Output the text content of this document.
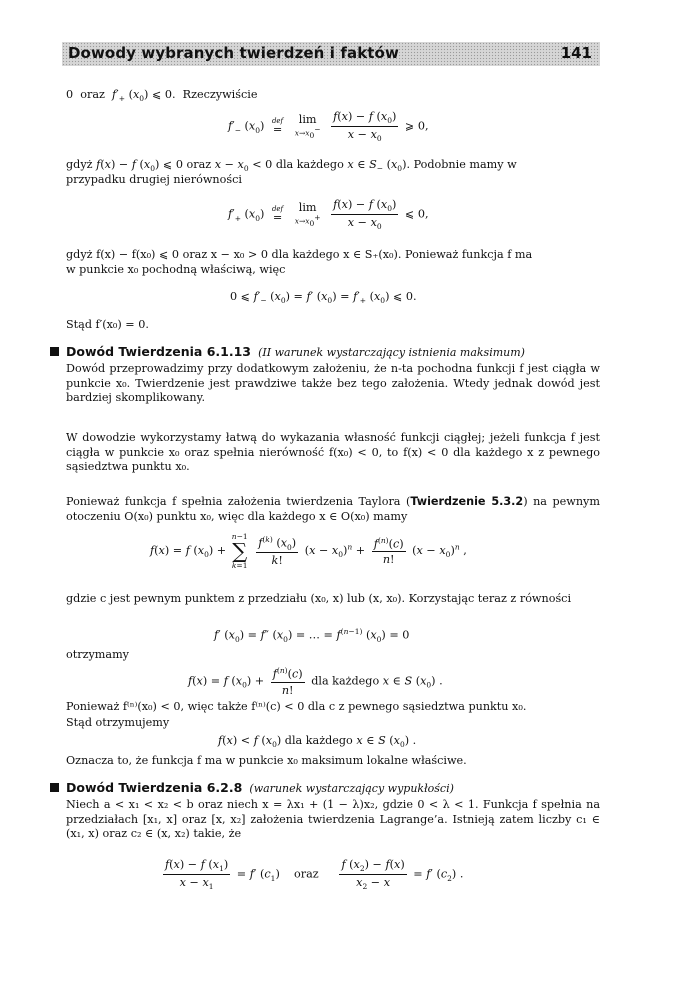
Dowody wybranych twierdzeń i faktów	141
0  oraz $f'_+$ $(x_0)$ ⩽ 0.  Rzeczywiście
$f'_-$ $(x_0)$ def
=

lim
$x\to x_0^-$
$\frac{f(x) - f (x_0)}{x - x_0}$ ⩾ 0,
gdyż f(x) − f $(x_0)$ ⩽ 0 oraz $x - x_0 < 0$ dla każdego x ∈ $S_-$ $(x_0)$. Podobnie mamy w
przypadku drugiej nierówności
$f'_+$ $(x_0)$ def
=

lim
$x\to x_0^+$
$\frac{f(x) - f (x_0)}{x - x_0}$ ⩽ 0,
gdyż f(x) − f(x₀) ⩽ 0 oraz x − x₀ > 0 dla każdego x ∈ S₊(x₀). Ponieważ funkcja f ma
w punkcie x₀ pochodną właściwą, więc
0 ⩽ $f'_-$ $(x_0) = f'$ $(x_0) = f'_+$ $(x_0)$ ⩽ 0.
Stąd f′(x₀) = 0.
Dowód Twierdzenia 6.1.13 (II warunek wystarczający istnienia maksimum)
Dowód przeprowadzimy przy dodatkowym założeniu, że n-ta pochodna funkcji f jest ciągła w punkcie x₀. Twierdzenie jest prawdziwe także bez tego założenia. Wtedy jednak dowód jest bardziej skomplikowany.
W dowodzie wykorzystamy łatwą do wykazania własność funkcji ciągłej; jeżeli funkcja f jest ciągła w punkcie x₀ oraz spełnia nierówność f(x₀) < 0, to f(x) < 0 dla każdego x z pewnego sąsiedztwa punktu x₀.
Ponieważ funkcja f spełnia założenia twierdzenia Taylora (Twierdzenie 5.3.2) na pewnym otoczeniu O(x₀) punktu x₀, więc dla każdego x ∈ O(x₀) mamy
f(x) = f $(x_0)$ +
n−1
∑
k=1
$\frac{f^{(k)} (x_0)}{k!} (x - x_0)^n + \frac{f^{(n)}(c)}{n!} (x - x_0)^n$ ,
gdzie c jest pewnym punktem z przedziału (x₀, x) lub (x, x₀). Korzystając teraz z równości
f′ $(x_0) = f''$ $(x_0)$ = … = $f^{(n-1)}$ $(x_0) = 0$
otrzymamy
f(x) = f $(x_0) + \frac{f^{(n)}(c)}{n!}$ dla każdego x ∈ S $(x_0)$ .
Ponieważ f⁽ⁿ⁾(x₀) < 0, więc także f⁽ⁿ⁾(c) < 0 dla c z pewnego sąsiedztwa punktu x₀.
Stąd otrzymujemy
f(x) < f $(x_0)$ dla każdego x ∈ S $(x_0)$ .
Oznacza to, że funkcja f ma w punkcie x₀ maksimum lokalne właściwe.
Dowód Twierdzenia 6.2.8 (warunek wystarczający wypukłości)
Niech a < x₁ < x₂ < b oraz niech x = λx₁ + (1 − λ)x₂, gdzie 0 < λ < 1. Funkcja f spełnia na przedziałach [x₁, x] oraz [x, x₂] założenia twierdzenia Lagrange’a. Istnieją zatem liczby c₁ ∈ (x₁, x) oraz c₂ ∈ (x, x₂) takie, że
$\frac{f(x) - f (x_1)}{x - x_1} = f'$ $(c_1)$    oraz $\frac{f (x_2) - f(x)}{x_2 - x} = f'$ $(c_2)$ .
